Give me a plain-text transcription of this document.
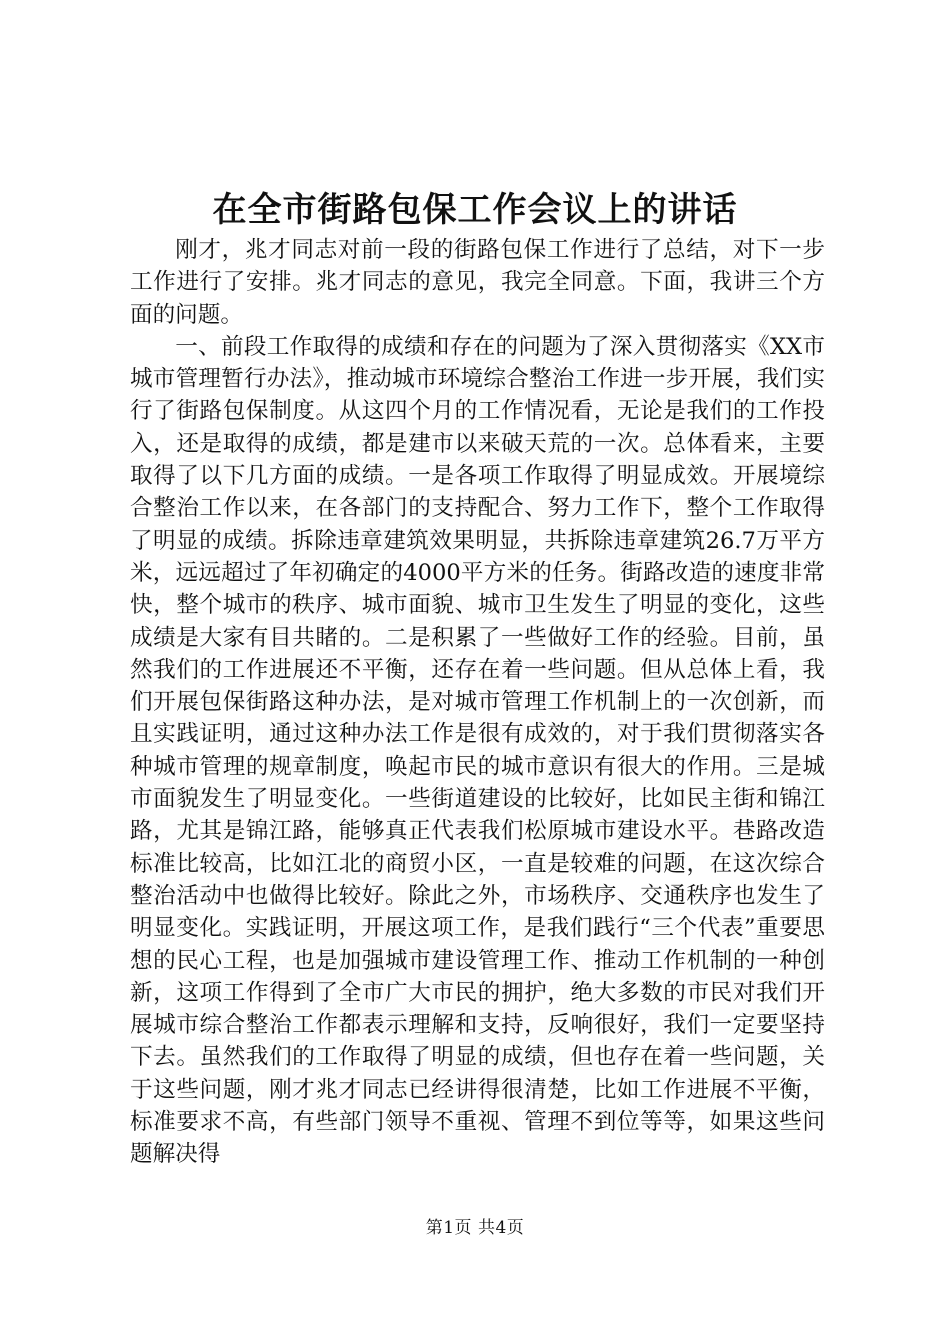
在全市街路包保工作会议上的讲话

刚才，兆才同志对前一段的街路包保工作进行了总结，对下一步工作进行了安排。兆才同志的意见，我完全同意。下面，我讲三个方面的问题。

一、前段工作取得的成绩和存在的问题为了深入贯彻落实《XX市城市管理暂行办法》，推动城市环境综合整治工作进一步开展，我们实行了街路包保制度。从这四个月的工作情况看，无论是我们的工作投入，还是取得的成绩，都是建市以来破天荒的一次。总体看来，主要取得了以下几方面的成绩。一是各项工作取得了明显成效。开展境综合整治工作以来，在各部门的支持配合、努力工作下，整个工作取得了明显的成绩。拆除违章建筑效果明显，共拆除违章建筑26.7万平方米，远远超过了年初确定的4000平方米的任务。街路改造的速度非常快，整个城市的秩序、城市面貌、城市卫生发生了明显的变化，这些成绩是大家有目共睹的。二是积累了一些做好工作的经验。目前，虽然我们的工作进展还不平衡，还存在着一些问题。但从总体上看，我们开展包保街路这种办法，是对城市管理工作机制上的一次创新，而且实践证明，通过这种办法工作是很有成效的，对于我们贯彻落实各种城市管理的规章制度，唤起市民的城市意识有很大的作用。三是城市面貌发生了明显变化。一些街道建设的比较好，比如民主街和锦江路，尤其是锦江路，能够真正代表我们松原城市建设水平。巷路改造标准比较高，比如江北的商贸小区，一直是较难的问题，在这次综合整治活动中也做得比较好。除此之外，市场秩序、交通秩序也发生了明显变化。实践证明，开展这项工作，是我们践行“三个代表”重要思想的民心工程，也是加强城市建设管理工作、推动工作机制的一种创新，这项工作得到了全市广大市民的拥护，绝大多数的市民对我们开展城市综合整治工作都表示理解和支持，反响很好，我们一定要坚持下去。虽然我们的工作取得了明显的成绩，但也存在着一些问题，关于这些问题，刚才兆才同志已经讲得很清楚，比如工作进展不平衡，标准要求不高，有些部门领导不重视、管理不到位等等，如果这些问题解决得

第1页 共4页
